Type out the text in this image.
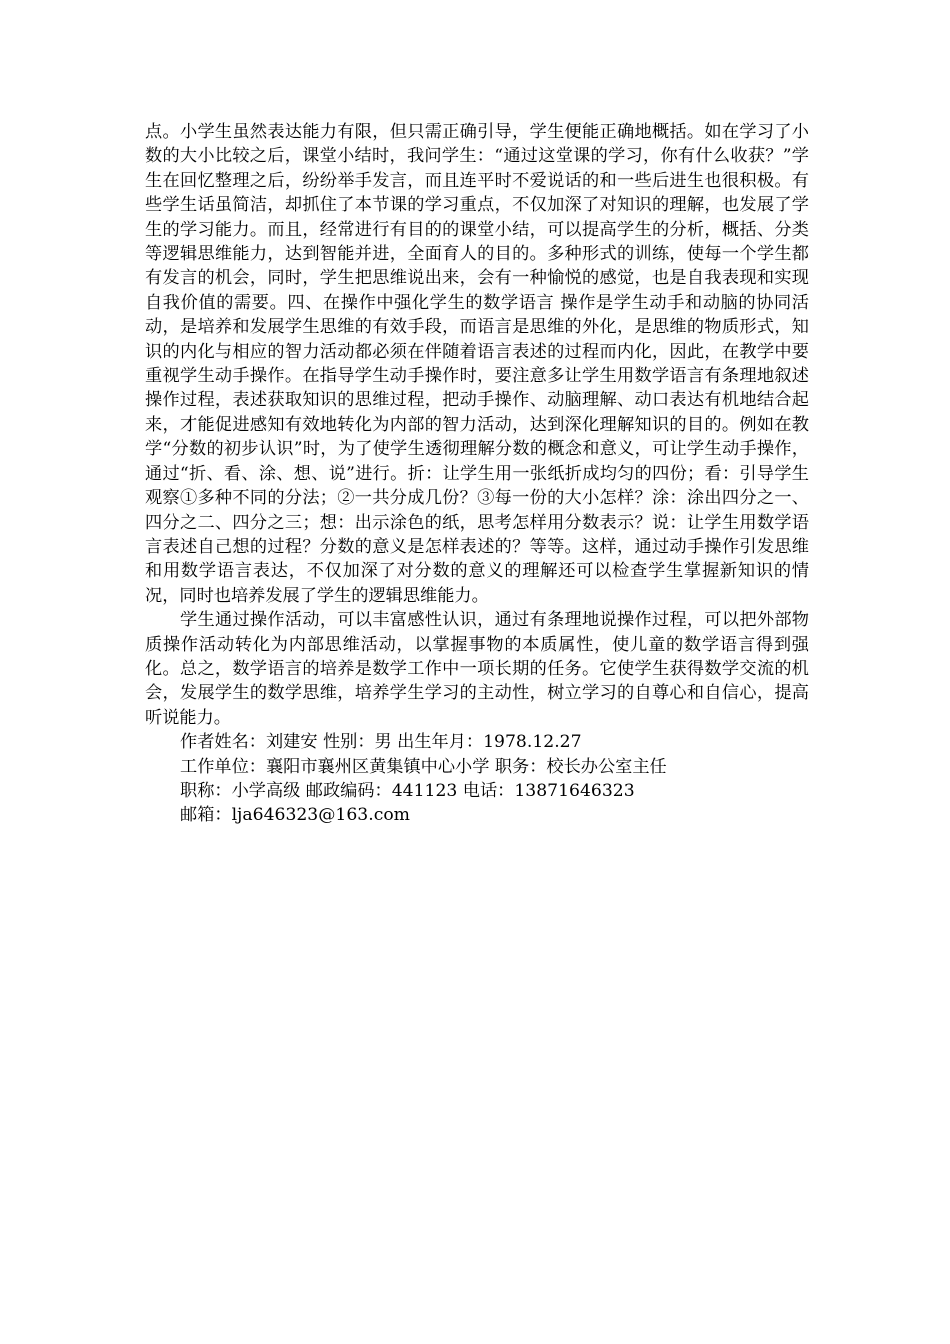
点。小学生虽然表达能力有限，但只需正确引导，学生便能正确地概括。如在学习了小数的大小比较之后，课堂小结时，我问学生：“通过这堂课的学习，你有什么收获？”学生在回忆整理之后，纷纷举手发言，而且连平时不爱说话的和一些后进生也很积极。有些学生话虽简洁，却抓住了本节课的学习重点，不仅加深了对知识的理解，也发展了学生的学习能力。而且，经常进行有目的的课堂小结，可以提高学生的分析，概括、分类等逻辑思维能力，达到智能并进，全面育人的目的。多种形式的训练，使每一个学生都有发言的机会，同时，学生把思维说出来，会有一种愉悦的感觉，也是自我表现和实现自我价值的需要。四、在操作中强化学生的数学语言 操作是学生动手和动脑的协同活动，是培养和发展学生思维的有效手段，而语言是思维的外化，是思维的物质形式，知识的内化与相应的智力活动都必须在伴随着语言表述的过程而内化，因此，在教学中要重视学生动手操作。在指导学生动手操作时，要注意多让学生用数学语言有条理地叙述操作过程，表述获取知识的思维过程，把动手操作、动脑理解、动口表达有机地结合起来，才能促进感知有效地转化为内部的智力活动，达到深化理解知识的目的。例如在教学“分数的初步认识”时，为了使学生透彻理解分数的概念和意义，可让学生动手操作，通过“折、看、涂、想、说”进行。折：让学生用一张纸折成均匀的四份；看：引导学生观察①多种不同的分法；②一共分成几份？③每一份的大小怎样？涂：涂出四分之一、四分之二、四分之三；想：出示涂色的纸，思考怎样用分数表示？说：让学生用数学语言表述自己想的过程？分数的意义是怎样表述的？等等。这样，通过动手操作引发思维和用数学语言表达，不仅加深了对分数的意义的理解还可以检查学生掌握新知识的情况，同时也培养发展了学生的逻辑思维能力。

学生通过操作活动，可以丰富感性认识，通过有条理地说操作过程，可以把外部物质操作活动转化为内部思维活动，以掌握事物的本质属性，使儿童的数学语言得到强化。总之，数学语言的培养是数学工作中一项长期的任务。它使学生获得数学交流的机会，发展学生的数学思维，培养学生学习的主动性，树立学习的自尊心和自信心，提高听说能力。

作者姓名：刘建安 性别：男 出生年月：1978.12.27

工作单位：襄阳市襄州区黄集镇中心小学 职务：校长办公室主任

职称：小学高级 邮政编码：441123 电话：13871646323

邮箱：lja646323@163.com
